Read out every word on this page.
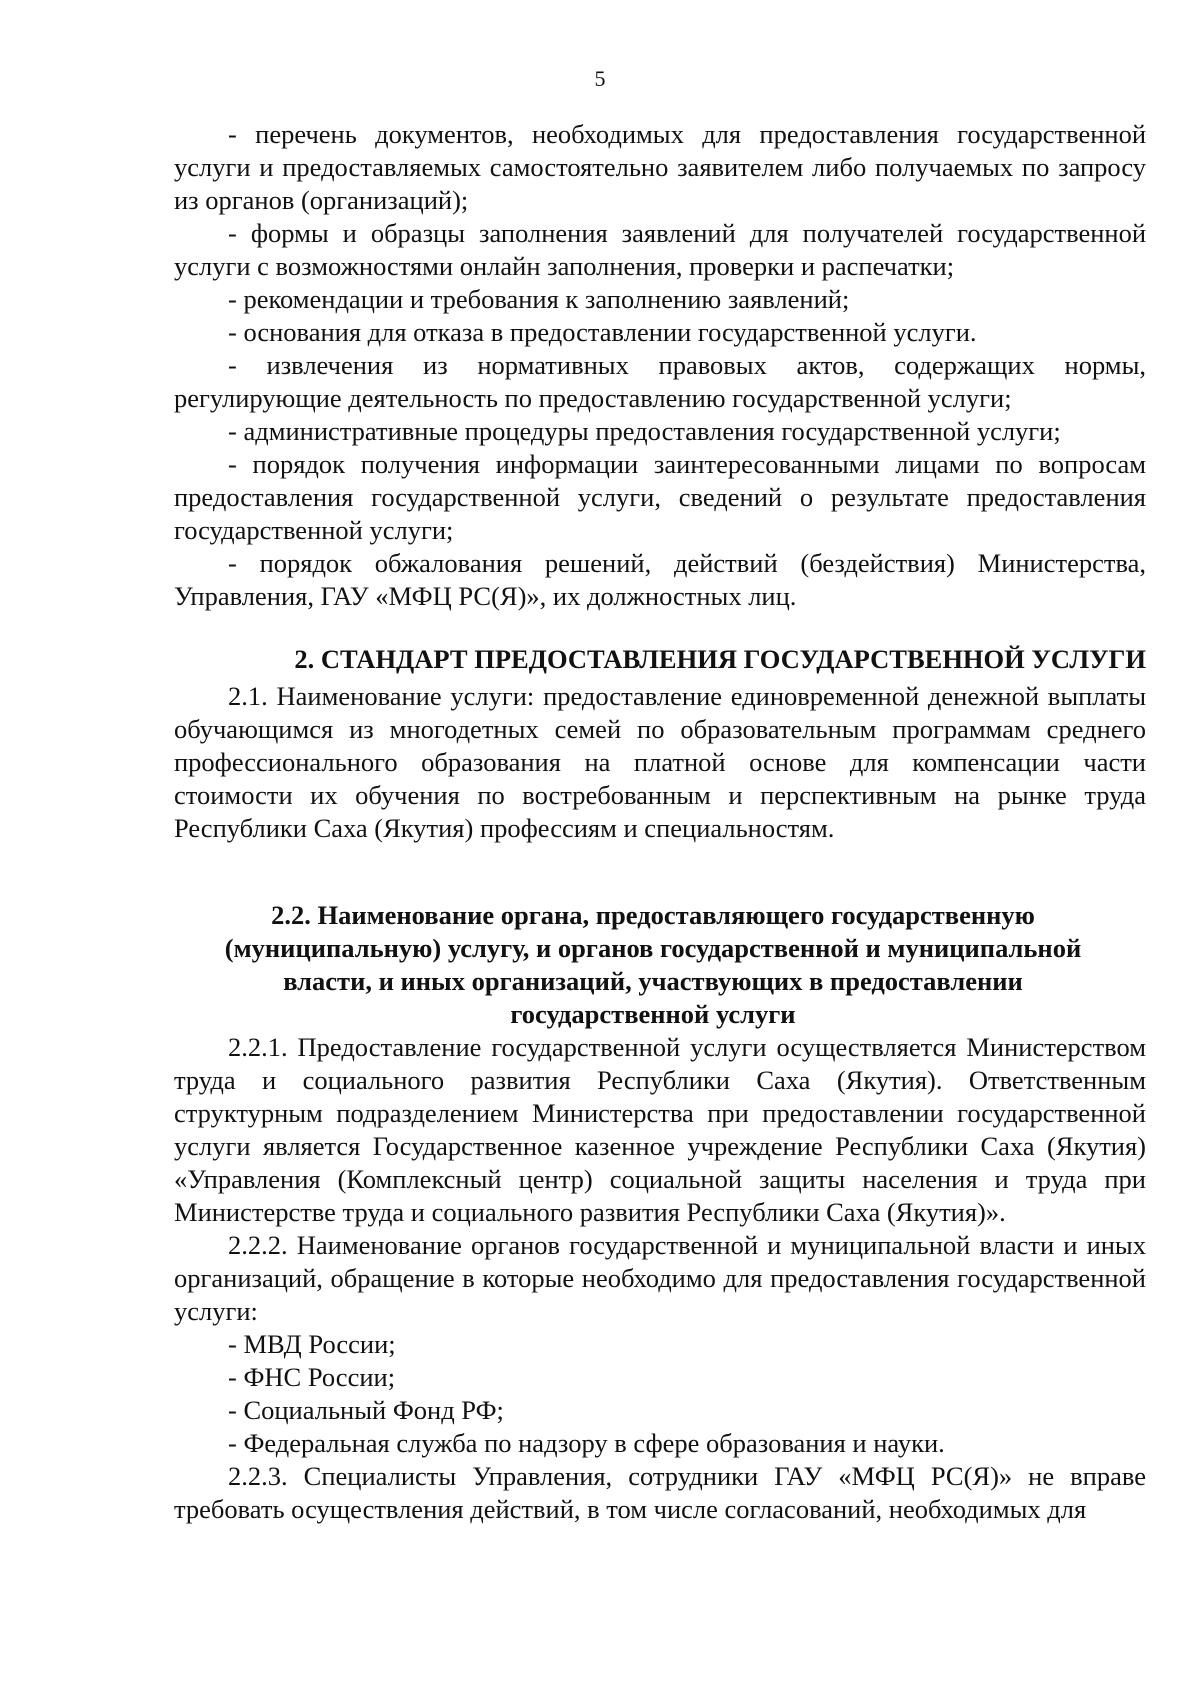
5

- перечень документов, необходимых для предоставления государственной услуги и предоставляемых самостоятельно заявителем либо получаемых по запросу из органов (организаций);

- формы и образцы заполнения заявлений для получателей государственной услуги с возможностями онлайн заполнения, проверки и распечатки;

- рекомендации и требования к заполнению заявлений;

- основания для отказа в предоставлении государственной услуги.

- извлечения из нормативных правовых актов, содержащих нормы, регулирующие деятельность по предоставлению государственной услуги;

- административные процедуры предоставления государственной услуги;

- порядок получения информации заинтересованными лицами по вопросам предоставления государственной услуги, сведений о результате предоставления государственной услуги;

- порядок обжалования решений, действий (бездействия) Министерства, Управления, ГАУ «МФЦ РС(Я)», их должностных лиц.

2. СТАНДАРТ ПРЕДОСТАВЛЕНИЯ ГОСУДАРСТВЕННОЙ УСЛУГИ

2.1. Наименование услуги: предоставление единовременной денежной выплаты обучающимся из многодетных семей по образовательным программам среднего профессионального образования на платной основе для компенсации части стоимости их обучения по востребованным и перспективным на рынке труда Республики Саха (Якутия) профессиям и специальностям.

2.2. Наименование органа, предоставляющего государственную
(муниципальную) услугу, и органов государственной и муниципальной
власти, и иных организаций, участвующих в предоставлении
государственной услуги

2.2.1. Предоставление государственной услуги осуществляется Министерством труда и социального развития Республики Саха (Якутия). Ответственным структурным подразделением Министерства при предоставлении государственной услуги является Государственное казенное учреждение Республики Саха (Якутия) «Управления (Комплексный центр) социальной защиты населения и труда при Министерстве труда и социального развития Республики Саха (Якутия)».

2.2.2. Наименование органов государственной и муниципальной власти и иных организаций, обращение в которые необходимо для предоставления государственной услуги:

- МВД России;

- ФНС России;

- Социальный Фонд РФ;

- Федеральная служба по надзору в сфере образования и науки.

2.2.3. Специалисты Управления, сотрудники ГАУ «МФЦ РС(Я)» не вправе требовать осуществления действий, в том числе согласований, необходимых для
